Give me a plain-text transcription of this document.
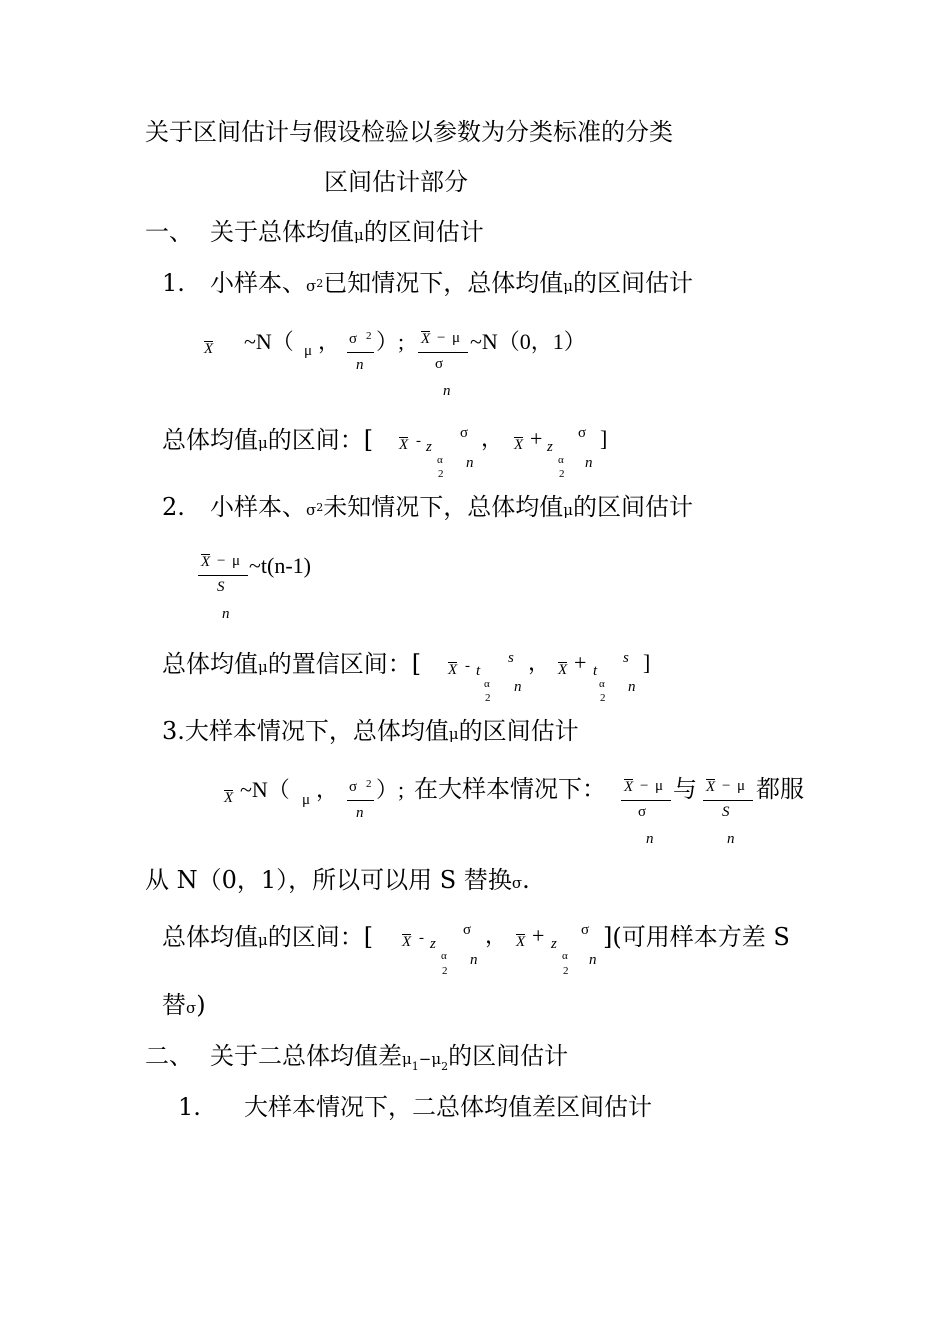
关于区间估计与假设检验以参数为分类标准的分类
区间估计部分
一、 关于总体均值μ的区间估计
1. 小样本、σ2已知情况下，总体均值μ的区间估计
X ~N（ μ ， σ 2
n
）; X − μ
σ
n
~N（0，1）
总体均值μ的区间：[ X - z
α
2
σ
n
， X + z
α
2
σ
n
]
2. 小样本、σ2未知情况下，总体均值μ的区间估计
X − μ
S
n
~t(n-1)
总体均值μ的置信区间：[ X - t
α
2
s
n
， X + t
α
2
s
n
]
3.大样本情况下，总体均值μ的区间估计
X ~N（ μ ， σ 2
n
）; 在大样本情况下： X − μ
σ
n
与 X − μ
S
n
都服
从 N（0，1），所以可以用 S 替换σ.
总体均值μ的区间：[ X - z
α
2
σ
n
， X + z
α
2
σ
n
](可用样本方差 S
替σ)
二、 关于二总体均值差$\mu_1-\mu_2$的区间估计
1. 大样本情况下，二总体均值差区间估计
